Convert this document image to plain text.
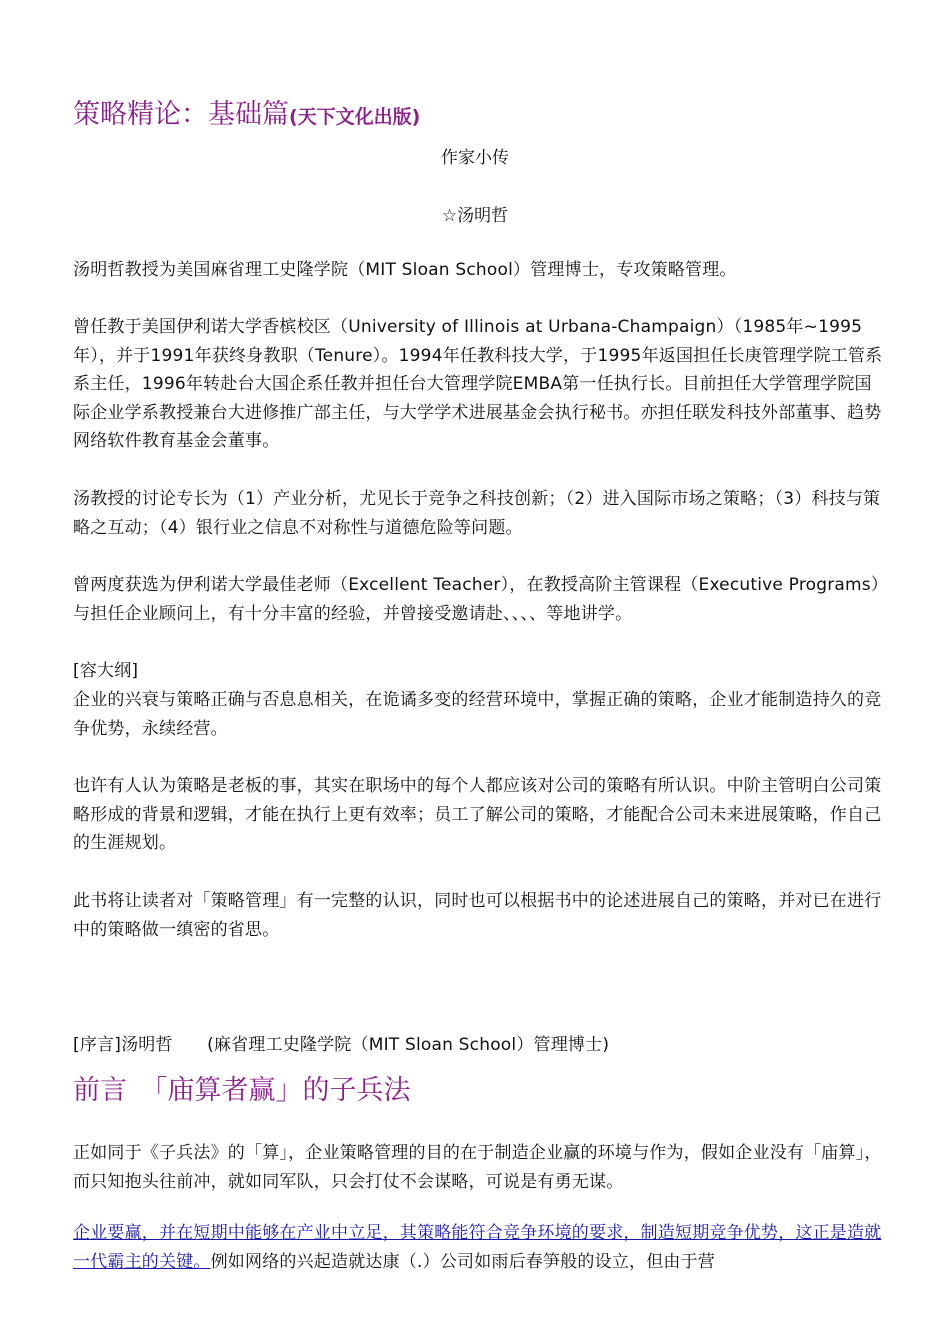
策略精论：基础篇(天下文化出版)

作家小传

☆汤明哲

汤明哲教授为美国麻省理工史隆学院（MIT Sloan School）管理博士，专攻策略管理。

曾任教于美国伊利诺大学香槟校区（University of Illinois at Urbana-Champaign）（1985年~1995年），并于1991年获终身教职（Tenure）。1994年任教科技大学，于1995年返国担任长庚管理学院工管系系主任，1996年转赴台大国企系任教并担任台大管理学院EMBA第一任执行长。目前担任大学管理学院国际企业学系教授兼台大进修推广部主任，与大学学术进展基金会执行秘书。亦担任联发科技外部董事、趋势网络软件教育基金会董事。

汤教授的讨论专长为（1）产业分析，尤见长于竞争之科技创新；（2）进入国际市场之策略；（3）科技与策略之互动；（4）银行业之信息不对称性与道德危险等问题。

曾两度获选为伊利诺大学最佳老师（Excellent Teacher），在教授高阶主管课程（Executive Programs）与担任企业顾问上，有十分丰富的经验，并曾接受邀请赴、、、、等地讲学。

[容大纲]

企业的兴衰与策略正确与否息息相关，在诡谲多变的经营环境中，掌握正确的策略，企业才能制造持久的竞争优势，永续经营。

也许有人认为策略是老板的事，其实在职场中的每个人都应该对公司的策略有所认识。中阶主管明白公司策略形成的背景和逻辑，才能在执行上更有效率；员工了解公司的策略，才能配合公司未来进展策略，作自己的生涯规划。

此书将让读者对「策略管理」有一完整的认识，同时也可以根据书中的论述进展自己的策略，并对已在进行中的策略做一缜密的省思。

[序言]汤明哲　　(麻省理工史隆学院（MIT Sloan School）管理博士)

前言　「庙算者赢」的子兵法

正如同于《子兵法》的「算」，企业策略管理的目的在于制造企业赢的环境与作为，假如企业没有「庙算」，而只知抱头往前冲，就如同军队，只会打仗不会谋略，可说是有勇无谋。

企业要赢，并在短期中能够在产业中立足，其策略能符合竞争环境的要求，制造短期竞争优势，这正是造就一代霸主的关键。例如网络的兴起造就达康（.）公司如雨后春笋般的设立，但由于营
